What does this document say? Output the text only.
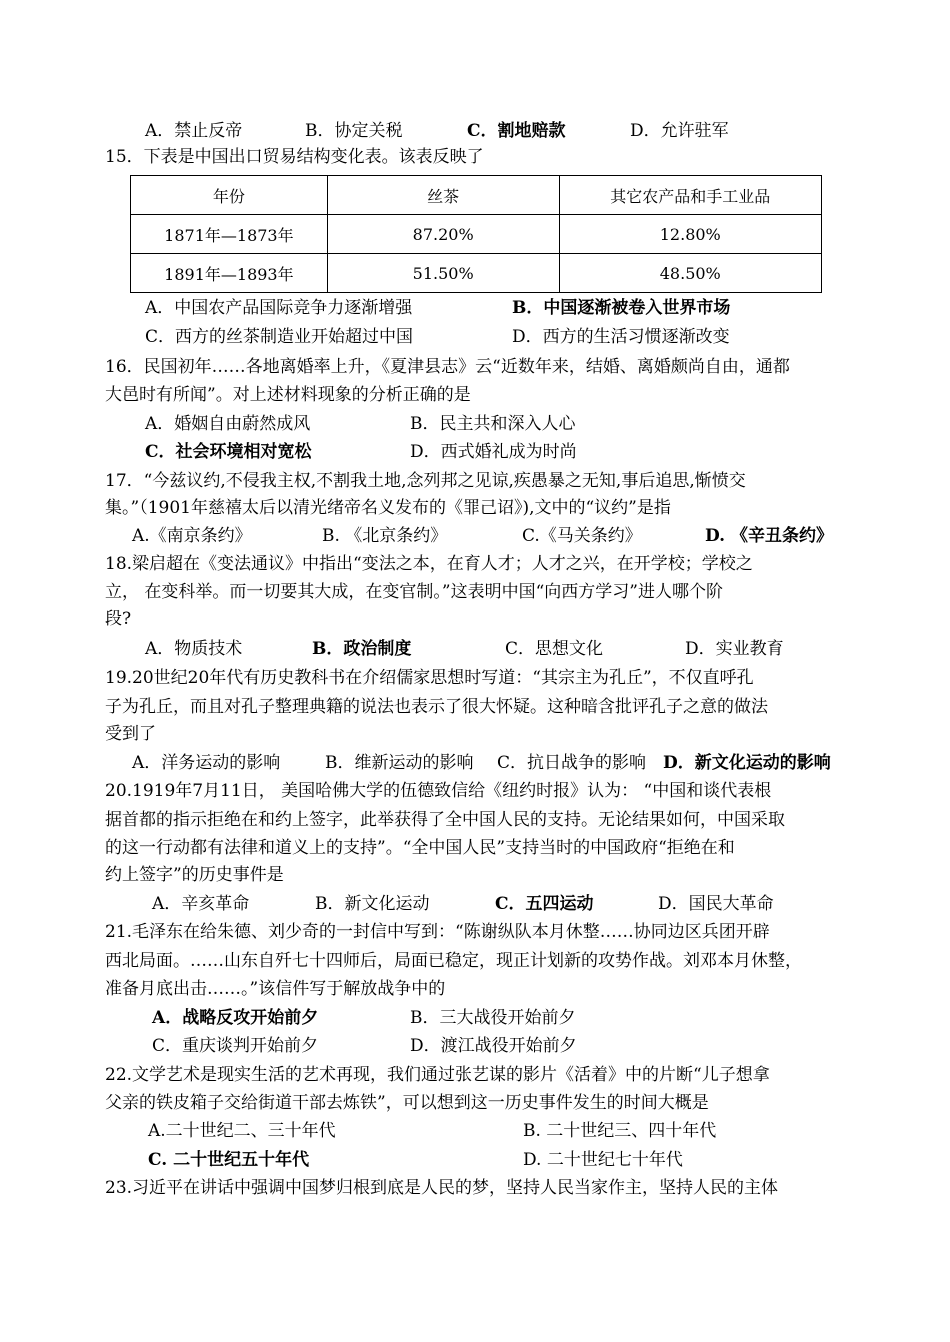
A．禁止反帝	B．协定关税	C．割地赔款	D．允许驻军
15．下表是中国出口贸易结构变化表。该表反映了
年份	丝茶	其它农产品和手工业品
1871年—1873年	87.20%	12.80%
1891年—1893年	51.50%	48.50%
A．中国农产品国际竞争力逐渐增强	B．中国逐渐被卷入世界市场
C．西方的丝茶制造业开始超过中国	D．西方的生活习惯逐渐改变
16．民国初年……各地离婚率上升，《夏津县志》云“近数年来，结婚、离婚颇尚自由，通都
大邑时有所闻”。对上述材料现象的分析正确的是
A．婚姻自由蔚然成风	B．民主共和深入人心
C．社会环境相对宽松	D．西式婚礼成为时尚
17．“今兹议约,不侵我主权,不割我土地,念列邦之见谅,疾愚暴之无知,事后追思,惭愤交
集。”（1901年慈禧太后以清光绪帝名义发布的《罪己诏》),文中的“议约”是指
A.《南京条约》	B. 《北京条约》	C.《马关条约》	D. 《辛丑条约》
18.梁启超在《变法通议》中指出“变法之本，在育人才；人才之兴，在开学校；学校之
立， 在变科举。而一切要其大成，在变官制。”这表明中国“向西方学习”进人哪个阶
段?
A．物质技术	B．政治制度	C．思想文化	D．实业教育
19.20世纪20年代有历史教科书在介绍儒家思想时写道：“其宗主为孔丘”，不仅直呼孔
子为孔丘，而且对孔子整理典籍的说法也表示了很大怀疑。这种暗含批评孔子之意的做法
受到了
A．洋务运动的影响	B．维新运动的影响 C．抗日战争的影响 D．新文化运动的影响
20.1919年7月11日， 美国哈佛大学的伍德致信给《纽约时报》认为： “中国和谈代表根
据首都的指示拒绝在和约上签字，此举获得了全中国人民的支持。无论结果如何，中国采取
的这一行动都有法律和道义上的支持”。“全中国人民”支持当时的中国政府“拒绝在和
约上签字”的历史事件是
A．辛亥革命	B．新文化运动	C．五四运动	D．国民大革命
21.毛泽东在给朱德、刘少奇的一封信中写到：“陈谢纵队本月休整……协同边区兵团开辟
西北局面。……山东自歼七十四师后，局面已稳定，现正计划新的攻势作战。刘邓本月休整，
准备月底出击……。”该信件写于解放战争中的
A．战略反攻开始前夕	B．三大战役开始前夕
C．重庆谈判开始前夕	D．渡江战役开始前夕
22.文学艺术是现实生活的艺术再现，我们通过张艺谋的影片《活着》中的片断“儿子想拿
父亲的铁皮箱子交给街道干部去炼铁”，可以想到这一历史事件发生的时间大概是
A.二十世纪二、三十年代	B. 二十世纪三、四十年代
C. 二十世纪五十年代	D. 二十世纪七十年代
23.习近平在讲话中强调中国梦归根到底是人民的梦，坚持人民当家作主，坚持人民的主体
